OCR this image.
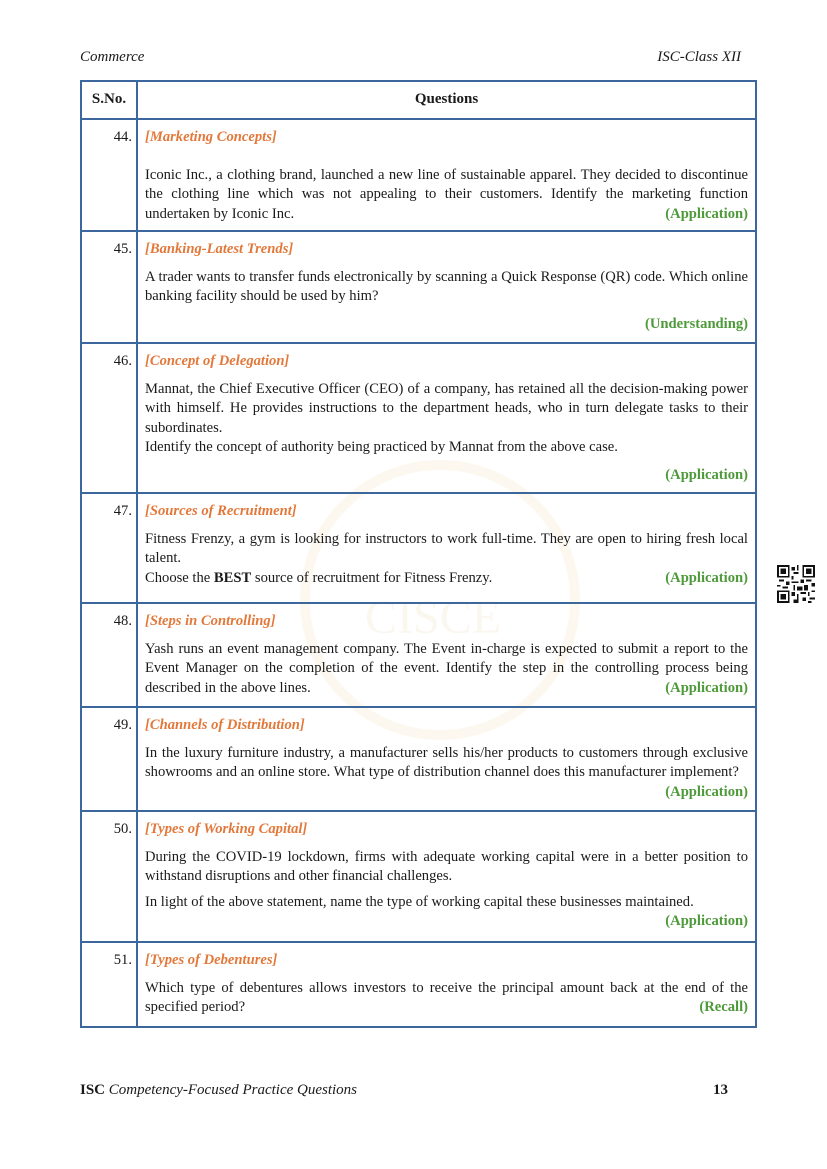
CISCE
Commerce	ISC-Class XII
S.No.	Questions
44.	[Marketing Concepts]
Iconic Inc., a clothing brand, launched a new line of sustainable apparel. They decided to discontinue the clothing line which was not appealing to their customers. Identify the marketing function undertaken by Iconic Inc. (Application)

45.	[Banking-Latest Trends]
A trader wants to transfer funds electronically by scanning a Quick Response (QR) code. Which online banking facility should be used by him?
(Understanding)

46.	[Concept of Delegation]
Mannat, the Chief Executive Officer (CEO) of a company, has retained all the decision-making power with himself. He provides instructions to the department heads, who in turn delegate tasks to their subordinates.
Identify the concept of authority being practiced by Mannat from the above case.
(Application)

47.	[Sources of Recruitment]
Fitness Frenzy, a gym is looking for instructors to work full-time. They are open to hiring fresh local talent.
Choose the BEST source of recruitment for Fitness Frenzy. (Application)

48.	[Steps in Controlling]
Yash runs an event management company. The Event in-charge is expected to submit a report to the Event Manager on the completion of the event. Identify the step in the controlling process being described in the above lines. (Application)

49.	[Channels of Distribution]
In the luxury furniture industry, a manufacturer sells his/her products to customers through exclusive showrooms and an online store. What type of distribution channel does this manufacturer implement?
(Application)

50.	[Types of Working Capital]
During the COVID-19 lockdown, firms with adequate working capital were in a better position to withstand disruptions and other financial challenges.
In light of the above statement, name the type of working capital these businesses maintained.
(Application)

51.	[Types of Debentures]
Which type of debentures allows investors to receive the principal amount back at the end of the specified period? (Recall)
ISC Competency-Focused Practice Questions	13
